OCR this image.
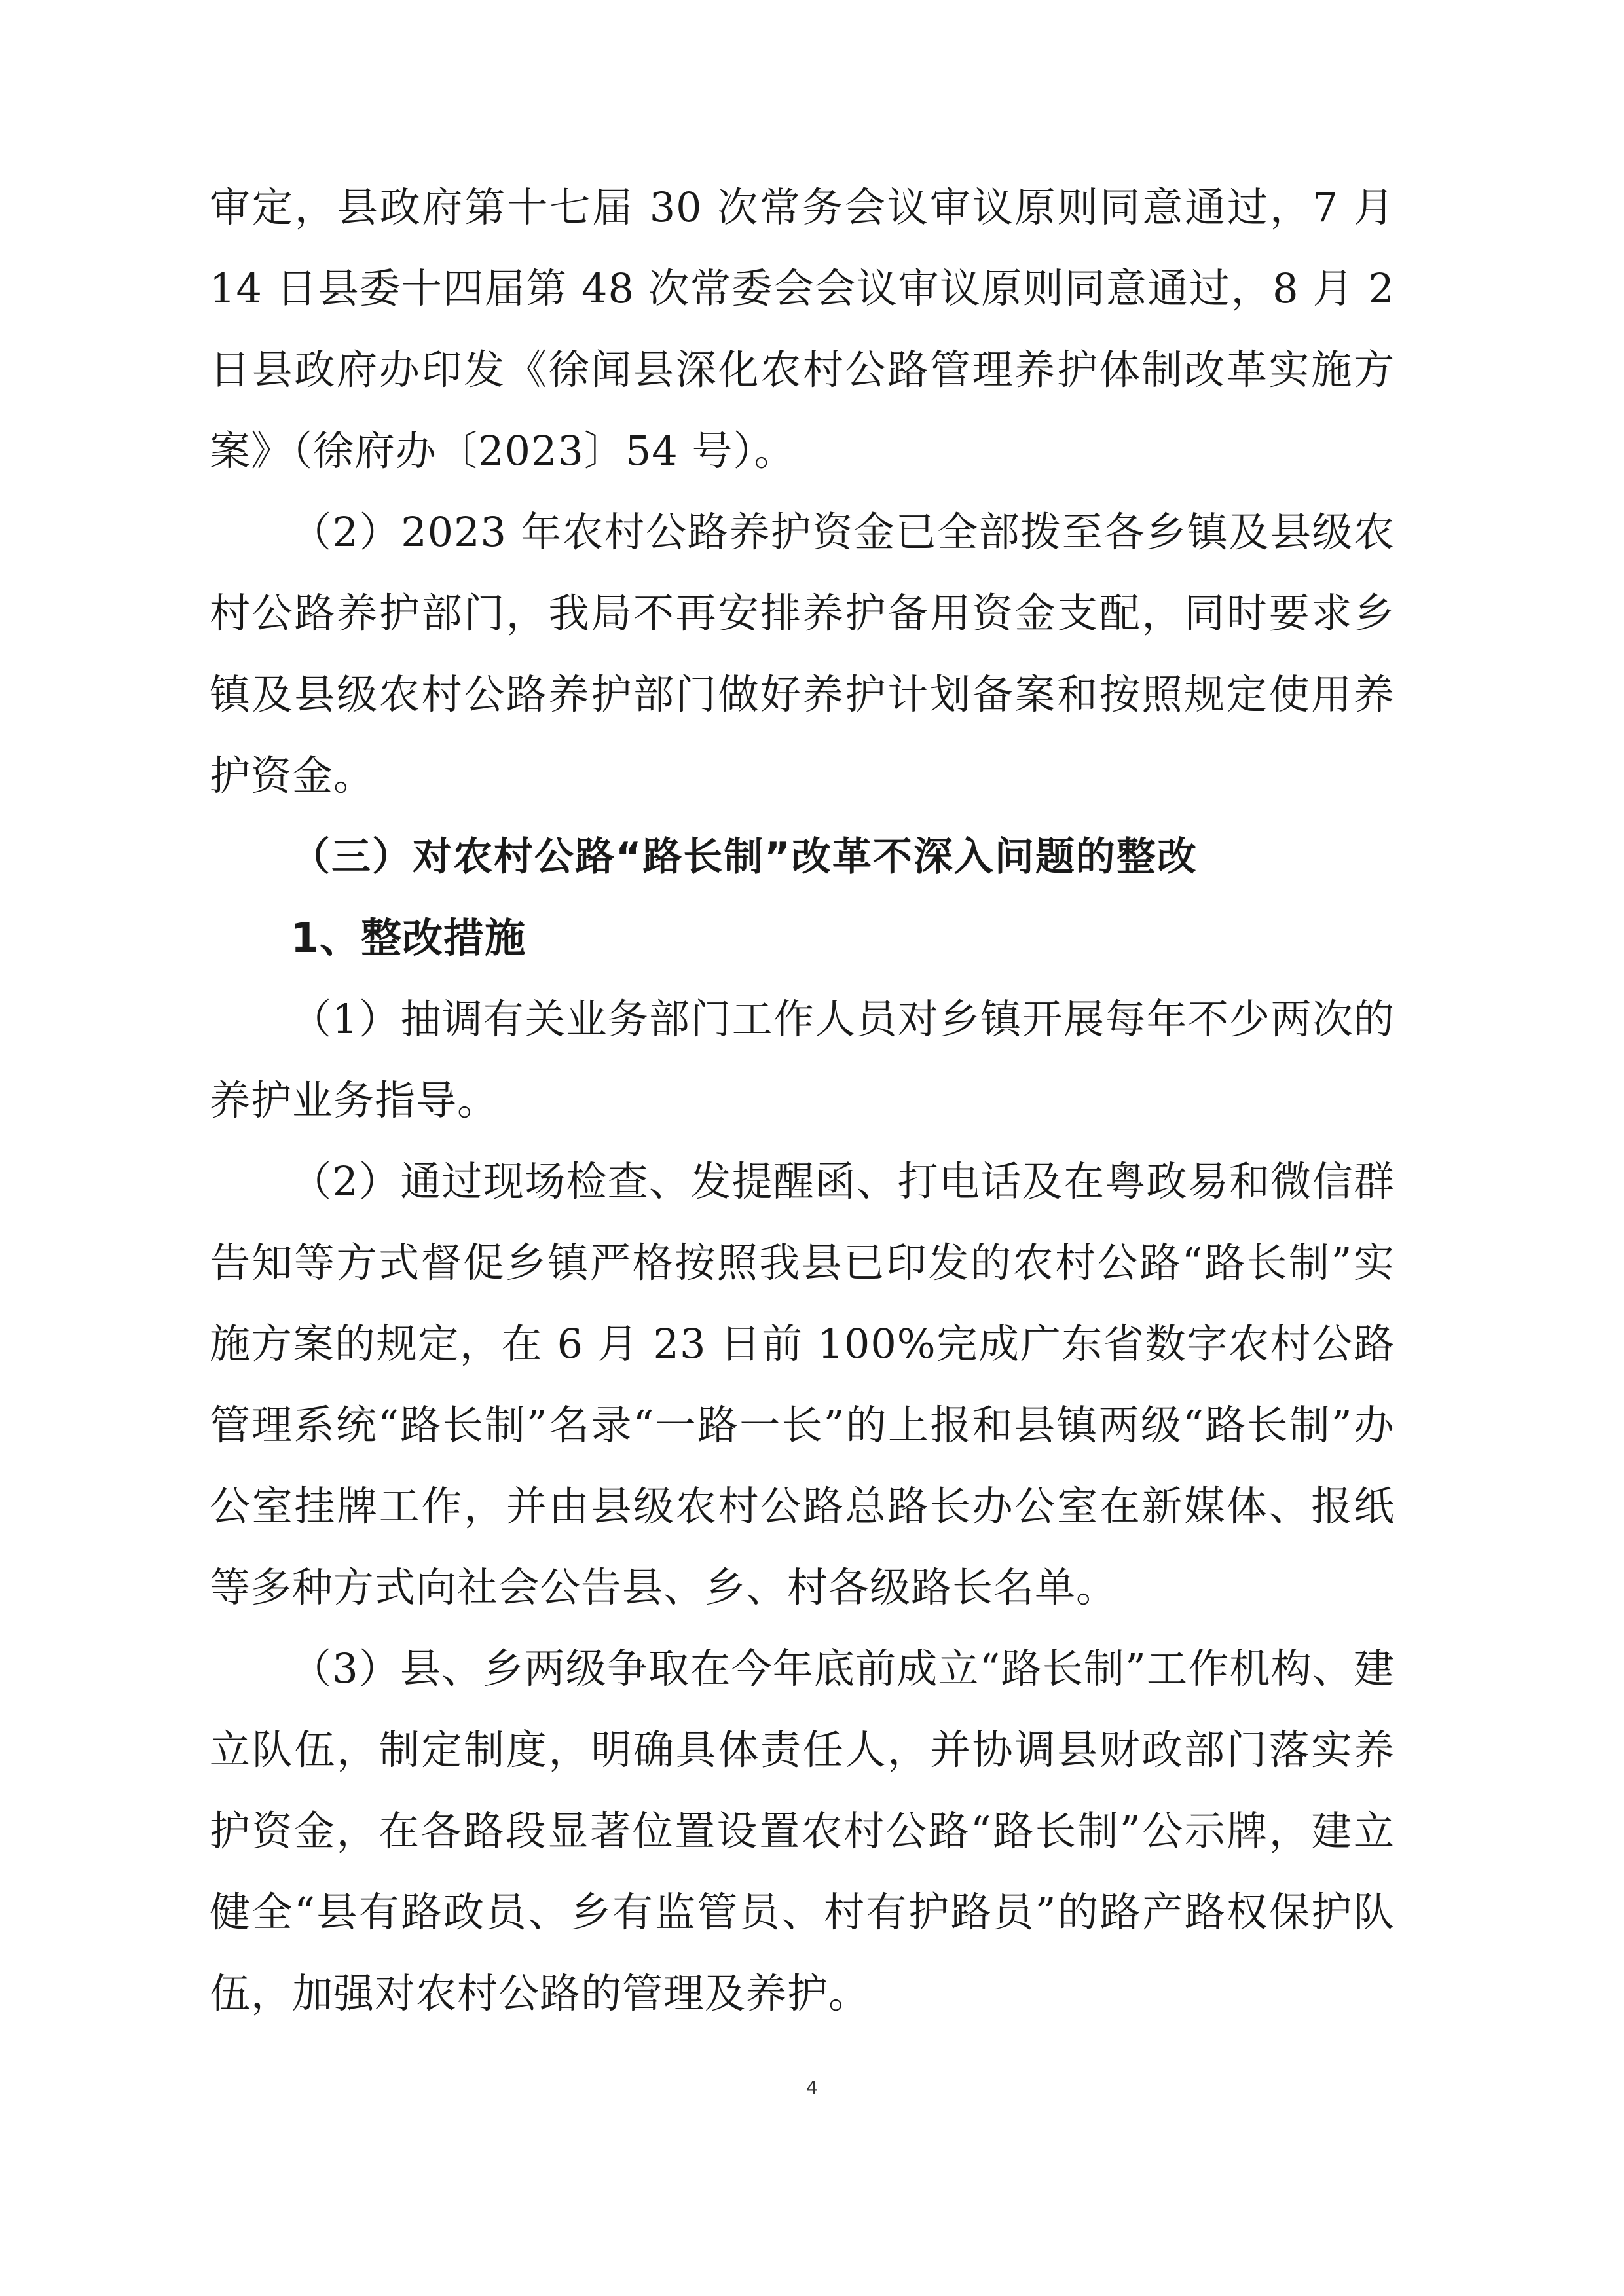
审定，县政府第十七届 30 次常务会议审议原则同意通过，7 月 14 日县委十四届第 48 次常委会会议审议原则同意通过，8 月 2 日县政府办印发《徐闻县深化农村公路管理养护体制改革实施方案》（徐府办〔2023〕54 号）。

（2）2023 年农村公路养护资金已全部拨至各乡镇及县级农村公路养护部门，我局不再安排养护备用资金支配，同时要求乡镇及县级农村公路养护部门做好养护计划备案和按照规定使用养护资金。

（三）对农村公路“路长制”改革不深入问题的整改

1、整改措施

（1）抽调有关业务部门工作人员对乡镇开展每年不少两次的养护业务指导。

（2）通过现场检查、发提醒函、打电话及在粤政易和微信群告知等方式督促乡镇严格按照我县已印发的农村公路“路长制”实施方案的规定，在 6 月 23 日前 100%完成广东省数字农村公路管理系统“路长制”名录“一路一长”的上报和县镇两级“路长制”办公室挂牌工作，并由县级农村公路总路长办公室在新媒体、报纸等多种方式向社会公告县、乡、村各级路长名单。

（3）县、乡两级争取在今年底前成立“路长制”工作机构、建立队伍，制定制度，明确具体责任人，并协调县财政部门落实养护资金，在各路段显著位置设置农村公路“路长制”公示牌，建立健全“县有路政员、乡有监管员、村有护路员”的路产路权保护队伍，加强对农村公路的管理及养护。

4
